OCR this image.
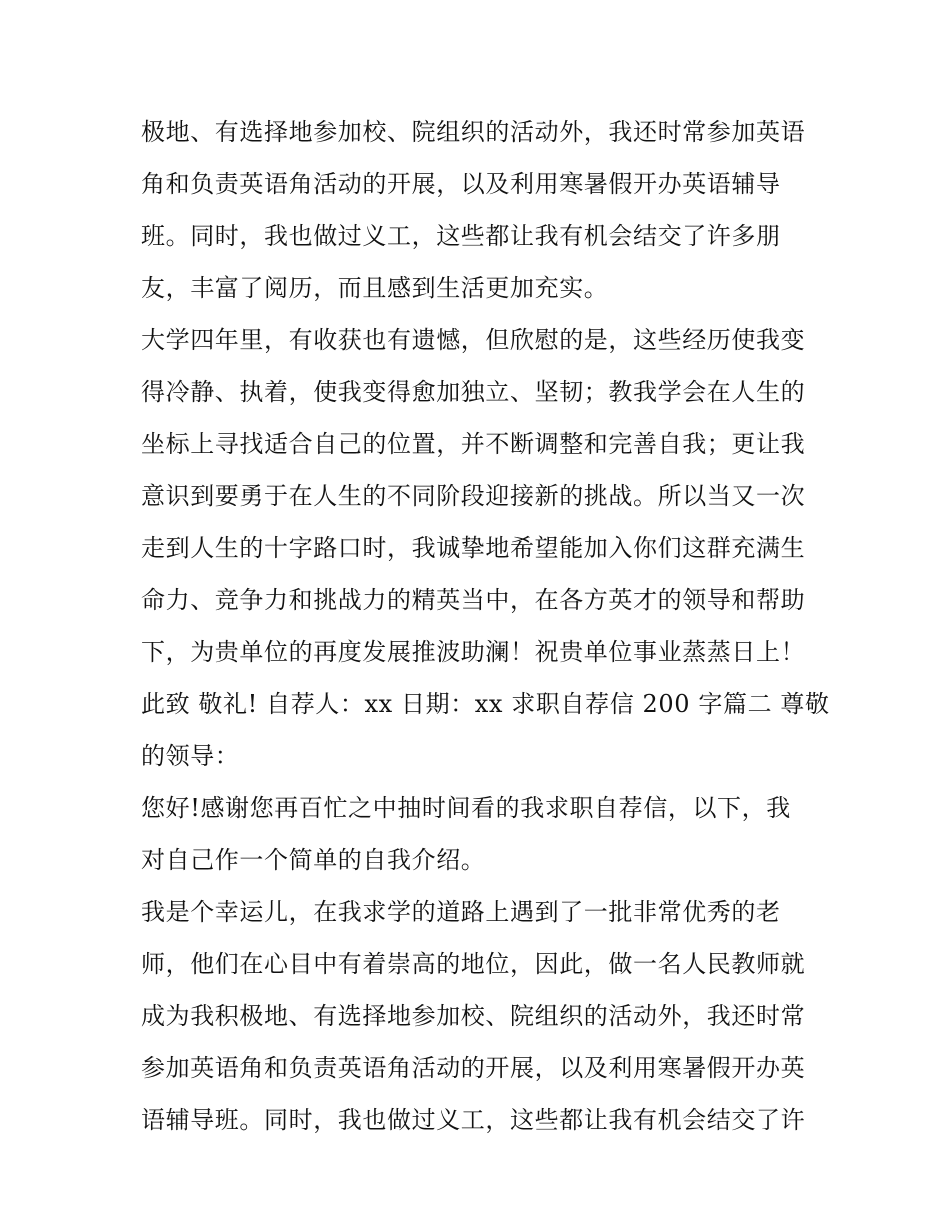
极地、有选择地参加校、院组织的活动外，我还时常参加英语
角和负责英语角活动的开展，以及利用寒暑假开办英语辅导
班。同时，我也做过义工，这些都让我有机会结交了许多朋
友，丰富了阅历，而且感到生活更加充实。
大学四年里，有收获也有遗憾，但欣慰的是，这些经历使我变
得冷静、执着，使我变得愈加独立、坚韧；教我学会在人生的
坐标上寻找适合自己的位置，并不断调整和完善自我；更让我
意识到要勇于在人生的不同阶段迎接新的挑战。所以当又一次
走到人生的十字路口时，我诚挚地希望能加入你们这群充满生
命力、竞争力和挑战力的精英当中，在各方英才的领导和帮助
下，为贵单位的再度发展推波助澜！祝贵单位事业蒸蒸日上！
此致 敬礼! 自荐人：xx 日期：xx 求职自荐信 200 字篇二 尊敬
的领导：
您好!感谢您再百忙之中抽时间看的我求职自荐信，以下，我
对自己作一个简单的自我介绍。
我是个幸运儿，在我求学的道路上遇到了一批非常优秀的老
师，他们在心目中有着崇高的地位，因此，做一名人民教师就
成为我积极地、有选择地参加校、院组织的活动外，我还时常
参加英语角和负责英语角活动的开展，以及利用寒暑假开办英
语辅导班。同时，我也做过义工，这些都让我有机会结交了许
